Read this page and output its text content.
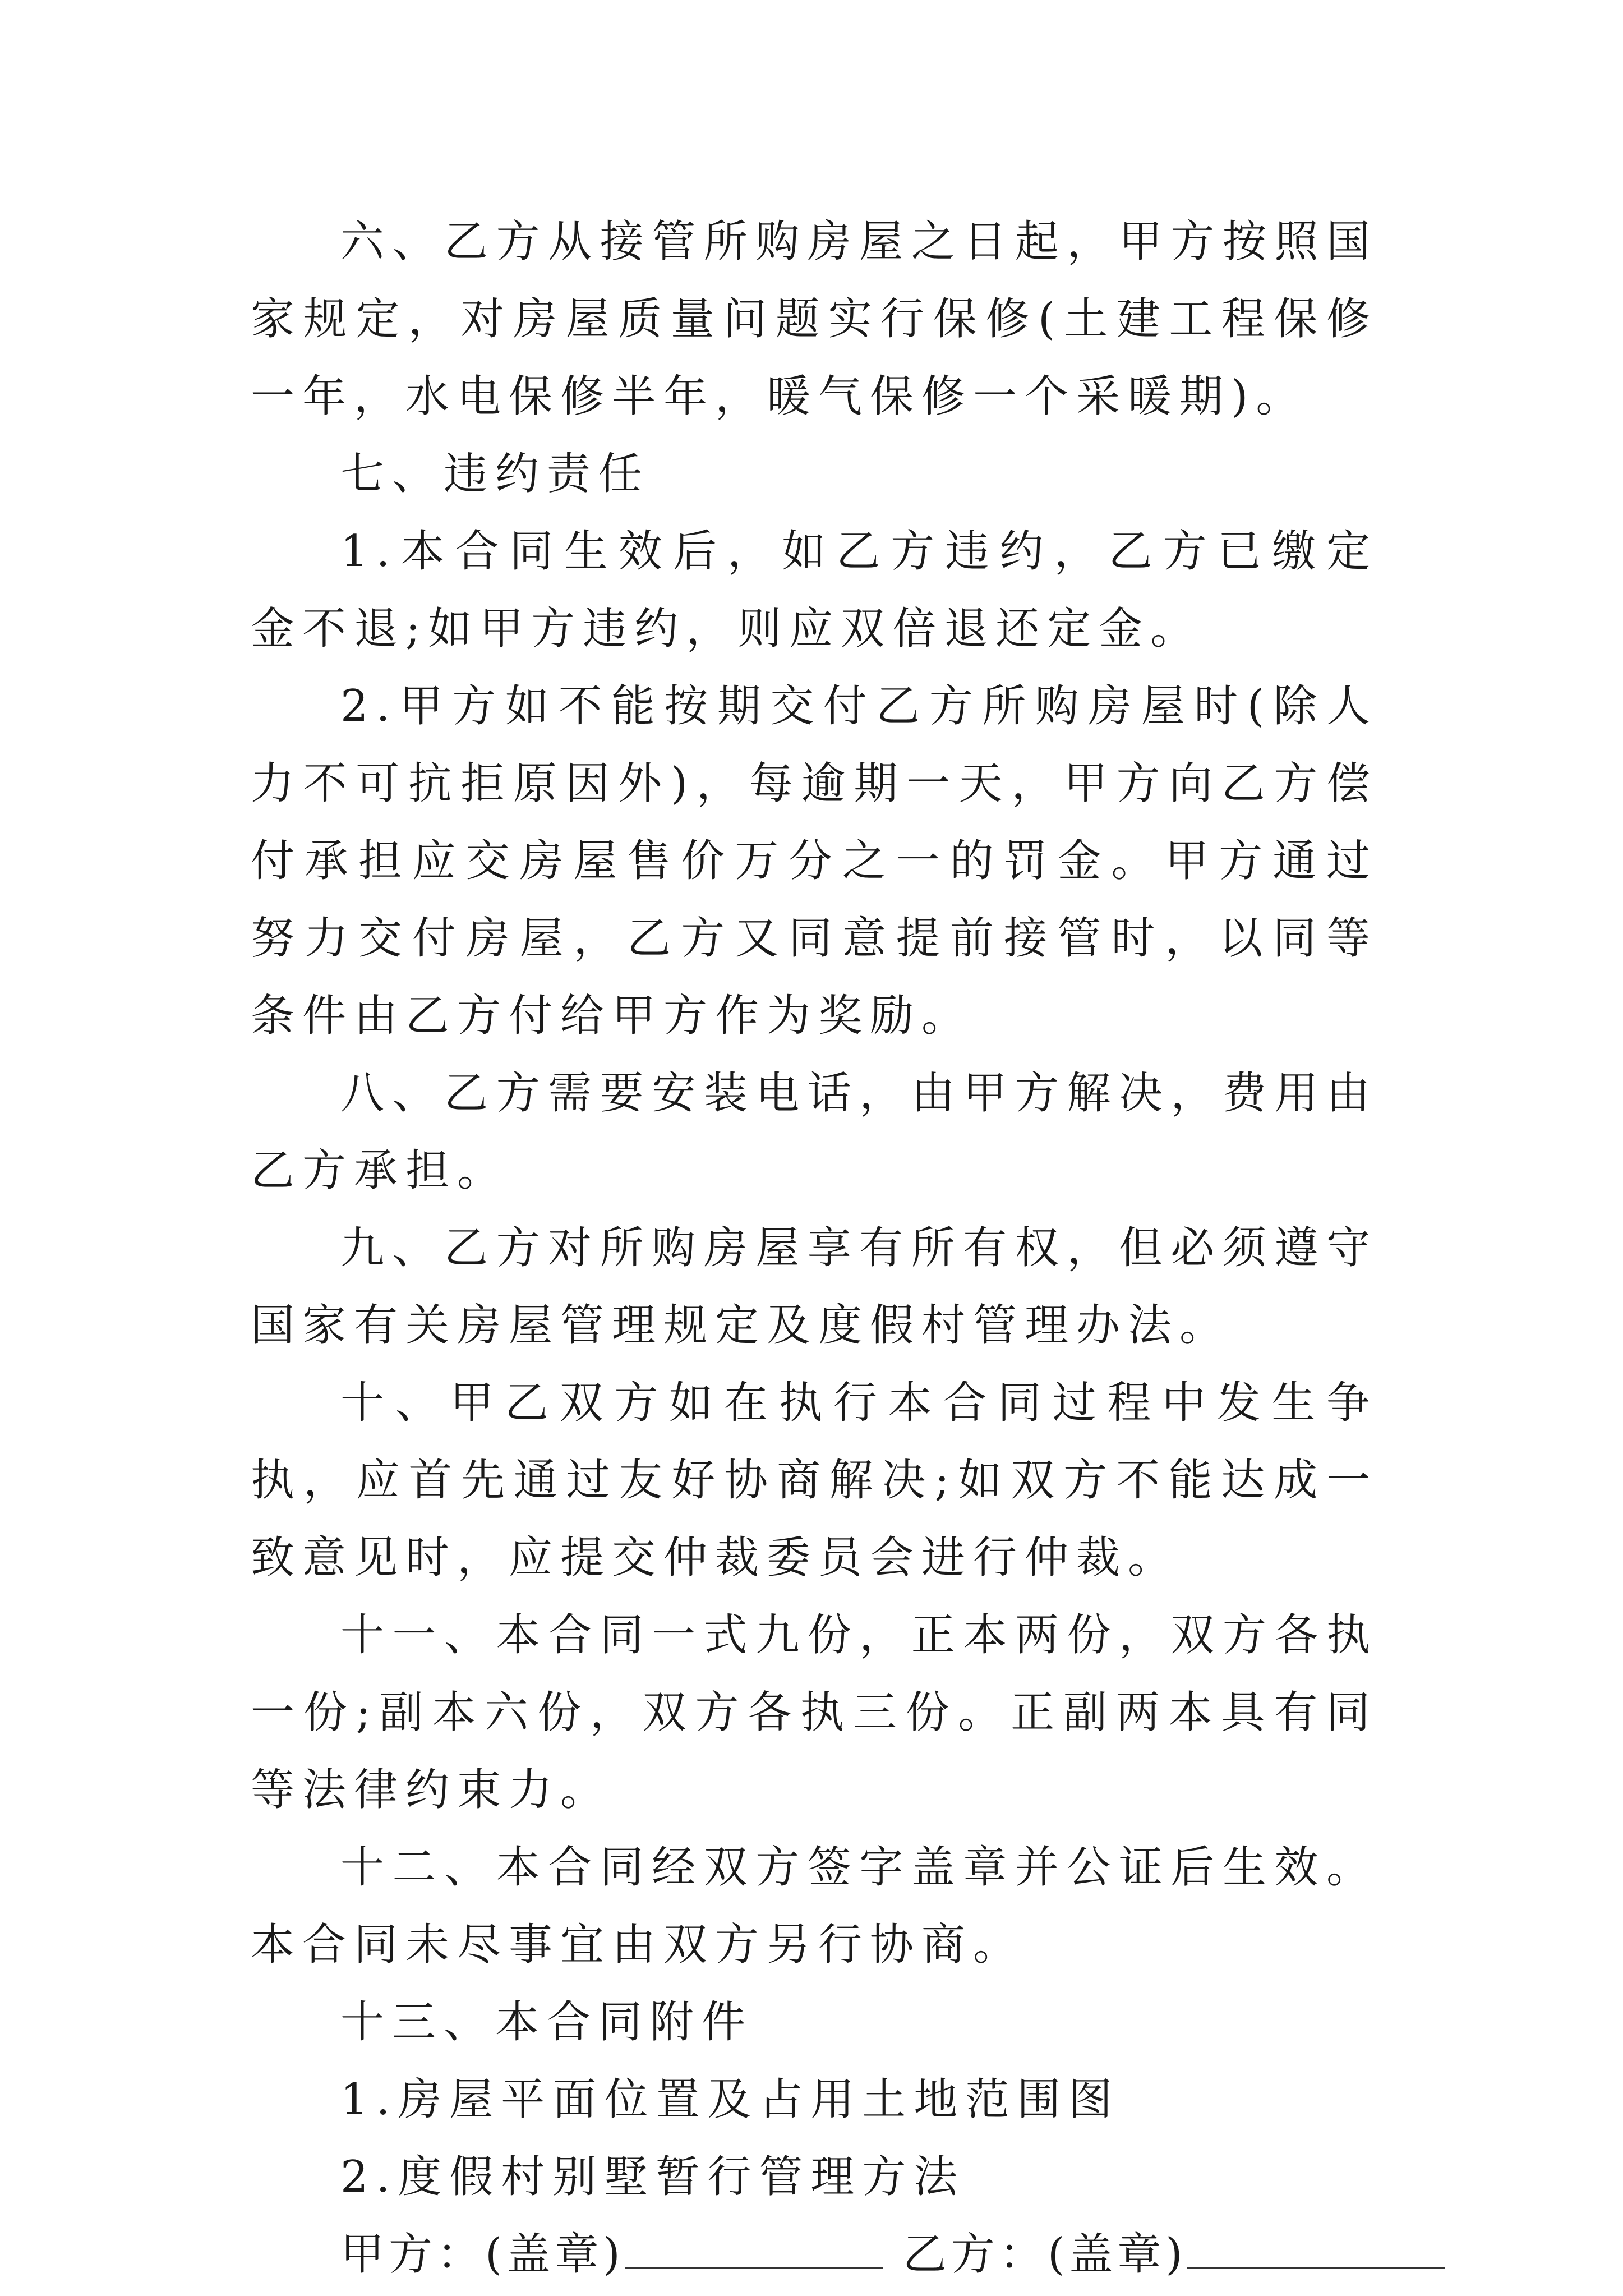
六、乙方从接管所购房屋之日起，甲方按照国家规定，对房屋质量问题实行保修(土建工程保修一年，水电保修半年，暖气保修一个采暖期)。

七、违约责任

1.本合同生效后，如乙方违约，乙方已缴定金不退;如甲方违约，则应双倍退还定金。

2.甲方如不能按期交付乙方所购房屋时(除人力不可抗拒原因外)，每逾期一天，甲方向乙方偿付承担应交房屋售价万分之一的罚金。甲方通过努力交付房屋，乙方又同意提前接管时，以同等条件由乙方付给甲方作为奖励。

八、乙方需要安装电话，由甲方解决，费用由乙方承担。

九、乙方对所购房屋享有所有权，但必须遵守国家有关房屋管理规定及度假村管理办法。

十、甲乙双方如在执行本合同过程中发生争执，应首先通过友好协商解决;如双方不能达成一致意见时，应提交仲裁委员会进行仲裁。

十一、本合同一式九份，正本两份，双方各执一份;副本六份，双方各执三份。正副两本具有同等法律约束力。

十二、本合同经双方签字盖章并公证后生效。本合同未尽事宜由双方另行协商。

十三、本合同附件

1.房屋平面位置及占用土地范围图

2.度假村别墅暂行管理方法

甲方：(盖章)	乙方：(盖章)
